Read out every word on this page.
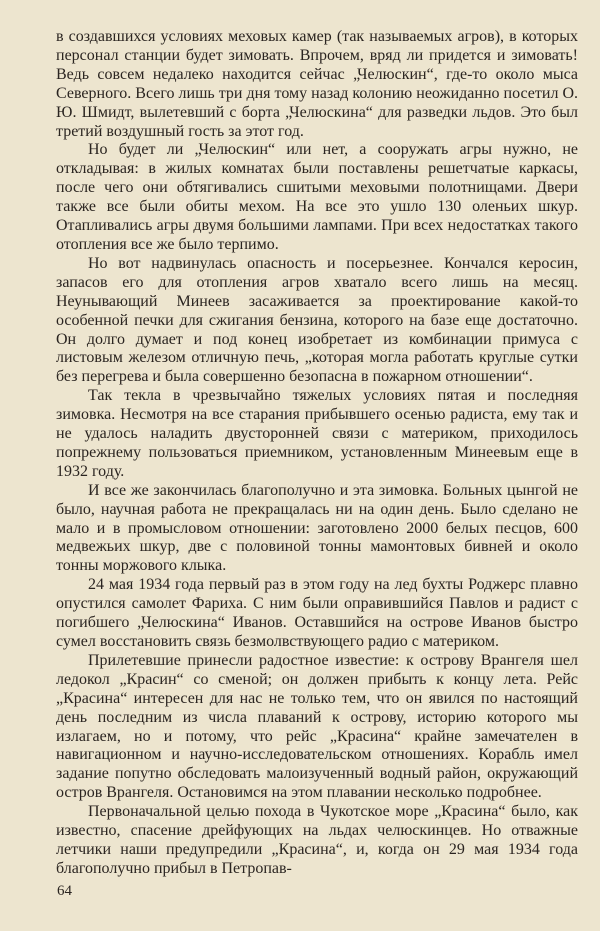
в создавшихся условиях меховых камер (так называемых агров), в которых персонал станции будет зимовать. Впрочем, вряд ли придется и зимовать! Ведь совсем недалеко находится сейчас „Челюскин“, где-то около мыса Северного. Всего лишь три дня тому назад колонию неожиданно посетил О. Ю. Шмидт, вылетевший с борта „Челюскина“ для разведки льдов. Это был третий воздушный гость за этот год.

Но будет ли „Челюскин“ или нет, а сооружать агры нужно, не откладывая: в жилых комнатах были поставлены решетчатые каркасы, после чего они обтягивались сшитыми меховыми полотнищами. Двери также все были обиты мехом. На все это ушло 130 оленьих шкур. Отапливались агры двумя большими лампами. При всех недостатках такого отопления все же было терпимо.

Но вот надвинулась опасность и посерьезнее. Кончался керосин, запасов его для отопления агров хватало всего лишь на месяц. Неунывающий Минеев засаживается за проектирование какой-то особенной печки для сжигания бензина, которого на базе еще достаточно. Он долго думает и под конец изобретает из комбинации примуса с листовым железом отличную печь, „которая могла работать круглые сутки без перегрева и была совершенно безопасна в пожарном отношении“.

Так текла в чрезвычайно тяжелых условиях пятая и последняя зимовка. Несмотря на все старания прибывшего осенью радиста, ему так и не удалось наладить двусторонней связи с материком, приходилось попрежнему пользоваться приемником, установленным Минеевым еще в 1932 году.

И все же закончилась благополучно и эта зимовка. Больных цынгой не было, научная работа не прекращалась ни на один день. Было сделано не мало и в промысловом отношении: заготовлено 2000 белых песцов, 600 медвежьих шкур, две с половиной тонны мамонтовых бивней и около тонны моржового клыка.

24 мая 1934 года первый раз в этом году на лед бухты Роджерс плавно опустился самолет Фариха. С ним были оправившийся Павлов и радист с погибшего „Челюскина“ Иванов. Оставшийся на острове Иванов быстро сумел восстановить связь безмолвствующего радио с материком.

Прилетевшие принесли радостное известие: к острову Врангеля шел ледокол „Красин“ со сменой; он должен прибыть к концу лета. Рейс „Красина“ интересен для нас не только тем, что он явился по настоящий день последним из числа плаваний к острову, историю которого мы излагаем, но и потому, что рейс „Красина“ крайне замечателен в навигационном и научно-исследовательском отношениях. Корабль имел задание попутно обследовать малоизученный водный район, окружающий остров Врангеля. Остановимся на этом плавании несколько подробнее.

Первоначальной целью похода в Чукотское море „Красина“ было, как известно, спасение дрейфующих на льдах челюскинцев. Но отважные летчики наши предупредили „Красина“, и, когда он 29 мая 1934 года благополучно прибыл в Петропав-

64
